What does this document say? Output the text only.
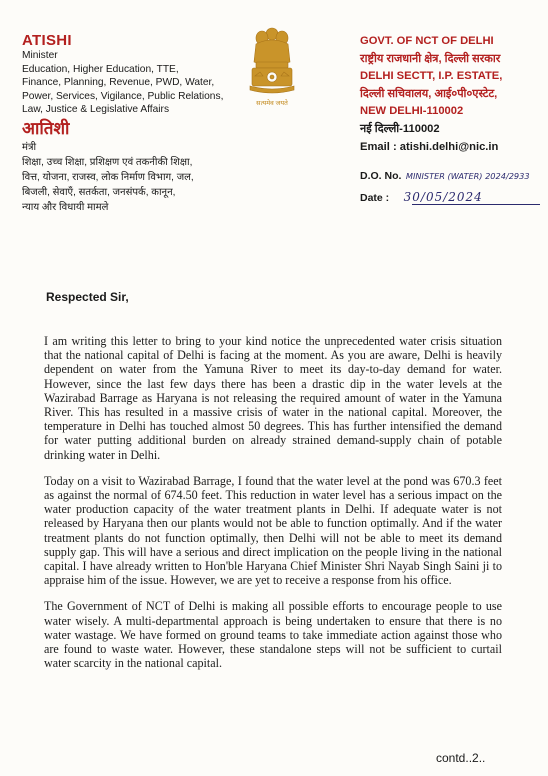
ATISHI
Minister
Education, Higher Education, TTE,
Finance, Planning, Revenue, PWD, Water,
Power, Services, Vigilance, Public Relations,
Law, Justice & Legislative Affairs
आतिशी
मंत्री
शिक्षा, उच्च शिक्षा, प्रशिक्षण एवं तकनीकी शिक्षा,
वित्त, योजना, राजस्व, लोक निर्माण विभाग, जल,
बिजली, सेवाएँ, सतर्कता, जनसंपर्क, कानून,
न्याय और विधायी मामले
सत्यमेव जयते
GOVT. OF NCT OF DELHI
राष्ट्रीय राजधानी क्षेत्र, दिल्ली सरकार
DELHI SECTT, I.P. ESTATE,
दिल्ली सचिवालय, आई०पी०एस्टेट,
NEW DELHI-110002
नई दिल्ली-110002
Email : atishi.delhi@nic.in
D.O. No. MINISTER (WATER) 2024/2933
Date : 30/05/2024
Respected Sir,

I am writing this letter to bring to your kind notice the unprecedented water crisis situation that the national capital of Delhi is facing at the moment. As you are aware, Delhi is heavily dependent on water from the Yamuna River to meet its day-to-day demand for water. However, since the last few days there has been a drastic dip in the water levels at the Wazirabad Barrage as Haryana is not releasing the required amount of water in the Yamuna River. This has resulted in a massive crisis of water in the national capital. Moreover, the temperature in Delhi has touched almost 50 degrees. This has further intensified the demand for water putting additional burden on already strained demand-supply chain of potable drinking water in Delhi.

Today on a visit to Wazirabad Barrage, I found that the water level at the pond was 670.3 feet as against the normal of 674.50 feet. This reduction in water level has a serious impact on the water production capacity of the water treatment plants in Delhi. If adequate water is not released by Haryana then our plants would not be able to function optimally. And if the water treatment plants do not function optimally, then Delhi will not be able to meet its demand supply gap. This will have a serious and direct implication on the people living in the national capital. I have already written to Hon'ble Haryana Chief Minister Shri Nayab Singh Saini ji to appraise him of the issue. However, we are yet to receive a response from his office.

The Government of NCT of Delhi is making all possible efforts to encourage people to use water wisely. A multi-departmental approach is being undertaken to ensure that there is no water wastage. We have formed on ground teams to take immediate action against those who are found to waste water. However, these standalone steps will not be sufficient to curtail water scarcity in the national capital.

contd..2..
